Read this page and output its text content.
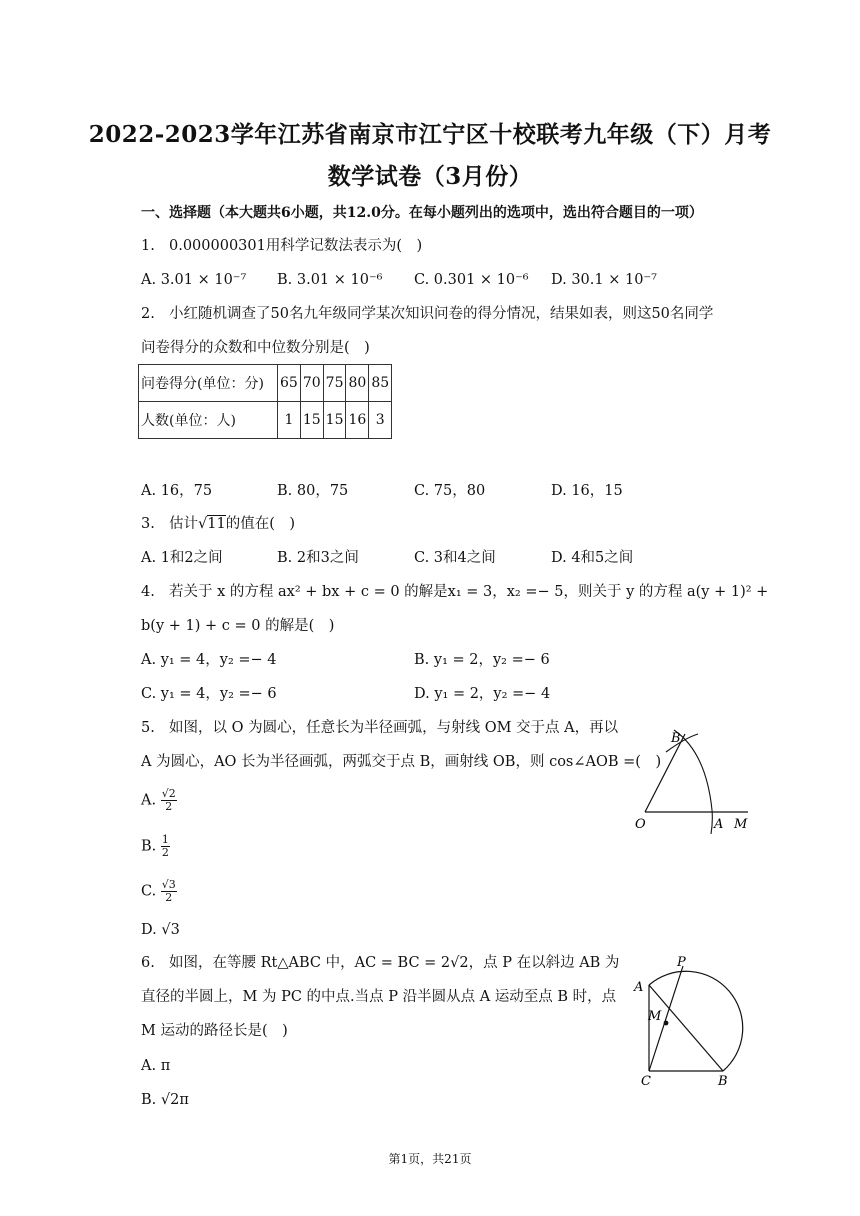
2022-2023学年江苏省南京市江宁区十校联考九年级（下）月考
数学试卷（3月份）
一、选择题（本大题共6小题，共12.0分。在每小题列出的选项中，选出符合题目的一项）
1. 0.000000301用科学记数法表示为(　)
A. 3.01 × 10⁻⁷ B. 3.01 × 10⁻⁶ C. 0.301 × 10⁻⁶ D. 30.1 × 10⁻⁷
2. 小红随机调查了50名九年级同学某次知识问卷的得分情况，结果如表，则这50名同学
问卷得分的众数和中位数分别是(　)
问卷得分(单位：分)	65	70	75	80	85
人数(单位：人)	1	15	15	16	3
A. 16，75	B. 80，75	C. 75，80	D. 16，15
3. 估计√11的值在(　)
A. 1和2之间	B. 2和3之间	C. 3和4之间	D. 4和5之间
4. 若关于 x 的方程 ax² + bx + c = 0 的解是x₁ = 3，x₂ =− 5，则关于 y 的方程 a(y + 1)² +
b(y + 1) + c = 0 的解是(　)
A. y₁ = 4，y₂ =− 4	B. y₁ = 2，y₂ =− 6
C. y₁ = 4，y₂ =− 6	D. y₁ = 2，y₂ =− 4
5. 如图，以 O 为圆心，任意长为半径画弧，与射线 OM 交于点 A，再以
A 为圆心，AO 长为半径画弧，两弧交于点 B，画射线 OB，则 cos∠AOB =(　)
A. $\frac{√2}{2}$
B. $\frac{1}{2}$
C. $\frac{√3}{2}$
D. √3
B
O	A M
6. 如图，在等腰 Rt△ABC 中，AC = BC = 2√2，点 P 在以斜边 AB 为
直径的半圆上，M 为 PC 的中点.当点 P 沿半圆从点 A 运动至点 B 时，点
M 运动的路径长是(　)
A. π
B. √2π
P
A
M
C	B
第1页，共21页
